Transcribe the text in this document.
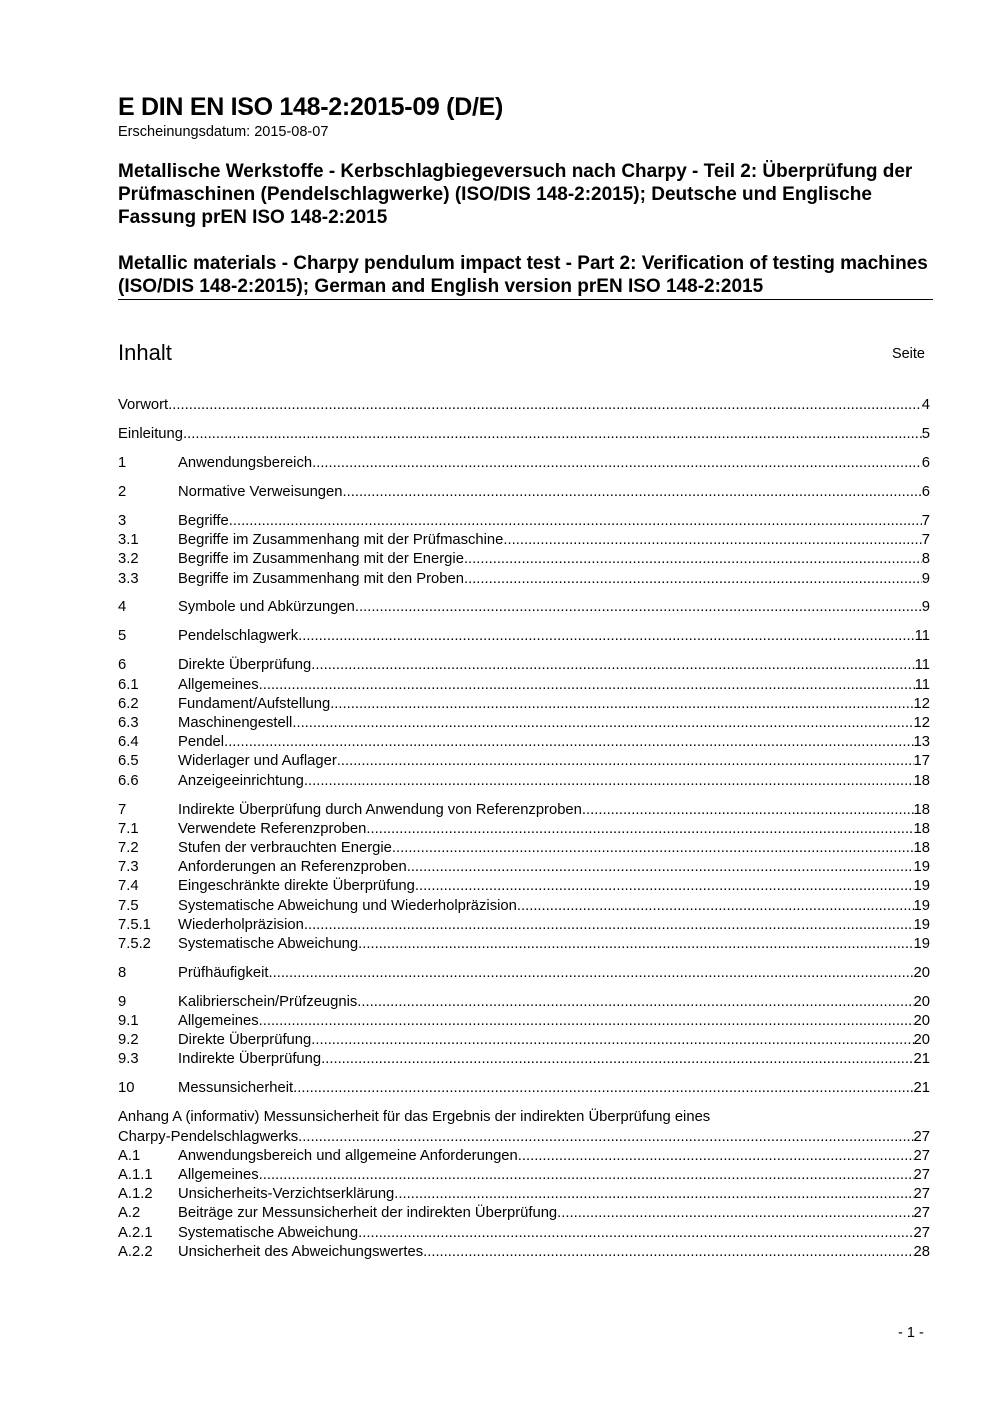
E DIN EN ISO 148-2:2015-09 (D/E)

Erscheinungsdatum: 2015-08-07

Metallische Werkstoffe - Kerbschlagbiegeversuch nach Charpy - Teil 2: Überprüfung der Prüfmaschinen (Pendelschlagwerke) (ISO/DIS 148-2:2015); Deutsche und Englische Fassung prEN ISO 148-2:2015

Metallic materials - Charpy pendulum impact test - Part 2: Verification of testing machines (ISO/DIS 148-2:2015); German and English version prEN ISO 148-2:2015

Inhalt	Seite
Vorwort .....	4
Einleitung .....	5
1	Anwendungsbereich .....	6
2	Normative Verweisungen .....	6
3	Begriffe .....	7
3.1	Begriffe im Zusammenhang mit der Prüfmaschine .....	7
3.2	Begriffe im Zusammenhang mit der Energie .....	8
3.3	Begriffe im Zusammenhang mit den Proben .....	9
4	Symbole und Abkürzungen .....	9
5	Pendelschlagwerk .....	11
6	Direkte Überprüfung .....	11
6.1	Allgemeines .....	11
6.2	Fundament/Aufstellung .....	12
6.3	Maschinengestell .....	12
6.4	Pendel .....	13
6.5	Widerlager und Auflager .....	17
6.6	Anzeigeeinrichtung .....	18
7	Indirekte Überprüfung durch Anwendung von Referenzproben .....	18
7.1	Verwendete Referenzproben .....	18
7.2	Stufen der verbrauchten Energie .....	18
7.3	Anforderungen an Referenzproben .....	19
7.4	Eingeschränkte direkte Überprüfung .....	19
7.5	Systematische Abweichung und Wiederholpräzision .....	19
7.5.1 Wiederholpräzision .....	19
7.5.2 Systematische Abweichung .....	19
8	Prüfhäufigkeit .....	20
9	Kalibrierschein/Prüfzeugnis .....	20
9.1	Allgemeines .....	20
9.2	Direkte Überprüfung .....	20
9.3	Indirekte Überprüfung .....	21
10	Messunsicherheit .....	21
Anhang A (informativ) Messunsicherheit für das Ergebnis der indirekten Überprüfung eines
Charpy-Pendelschlagwerks .....	27
A.1	Anwendungsbereich und allgemeine Anforderungen .....	27
A.1.1 Allgemeines .....	27
A.1.2 Unsicherheits-Verzichtserklärung .....	27
A.2	Beiträge zur Messunsicherheit der indirekten Überprüfung .....	27
A.2.1 Systematische Abweichung .....	27
A.2.2 Unsicherheit des Abweichungswertes .....	28
- 1 -
